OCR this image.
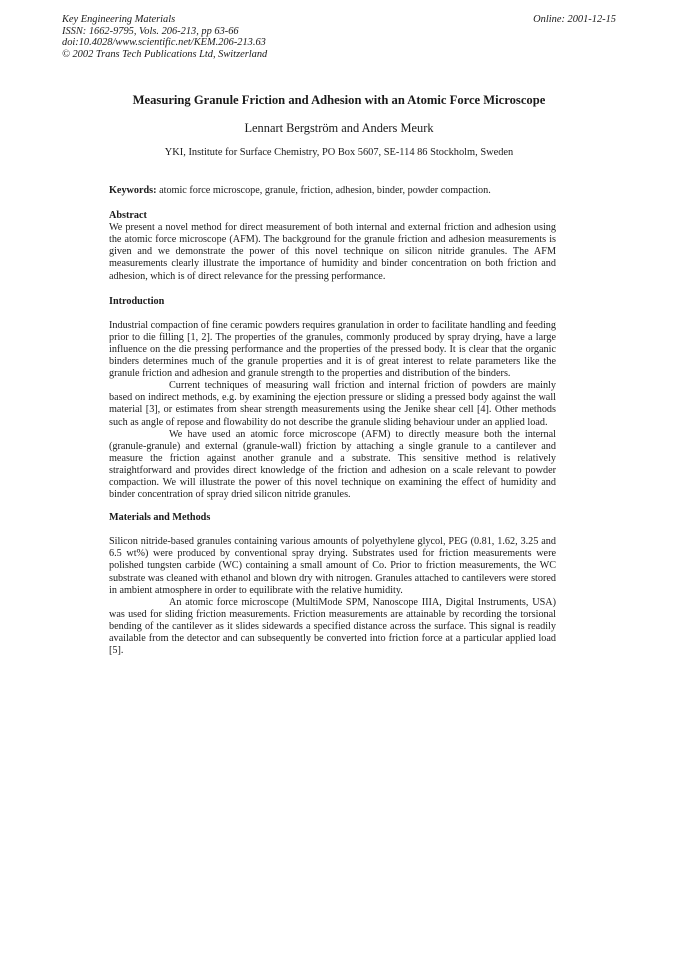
Key Engineering Materials
ISSN: 1662-9795, Vols. 206-213, pp 63-66
doi:10.4028/www.scientific.net/KEM.206-213.63
© 2002 Trans Tech Publications Ltd, Switzerland
Online: 2001-12-15
Measuring Granule Friction and Adhesion with an Atomic Force Microscope
Lennart Bergström and Anders Meurk
YKI, Institute for Surface Chemistry, PO Box 5607, SE-114 86 Stockholm, Sweden

Keywords: atomic force microscope, granule, friction, adhesion, binder, powder compaction.

Abstract

We present a novel method for direct measurement of both internal and external friction and adhesion using the atomic force microscope (AFM). The background for the granule friction and adhesion measurements is given and we demonstrate the power of this novel technique on silicon nitride granules. The AFM measurements clearly illustrate the importance of humidity and binder concentration on both friction and adhesion, which is of direct relevance for the pressing performance.

Introduction

Industrial compaction of fine ceramic powders requires granulation in order to facilitate handling and feeding prior to die filling [1, 2]. The properties of the granules, commonly produced by spray drying, have a large influence on the die pressing performance and the properties of the pressed body. It is clear that the organic binders determines much of the granule properties and it is of great interest to relate parameters like the granule friction and adhesion and granule strength to the properties and distribution of the binders.

Current techniques of measuring wall friction and internal friction of powders are mainly based on indirect methods, e.g. by examining the ejection pressure or sliding a pressed body against the wall material [3], or estimates from shear strength measurements using the Jenike shear cell [4]. Other methods such as angle of repose and flowability do not describe the granule sliding behaviour under an applied load.

We have used an atomic force microscope (AFM) to directly measure both the internal (granule-granule) and external (granule-wall) friction by attaching a single granule to a cantilever and measure the friction against another granule and a substrate. This sensitive method is relatively straightforward and provides direct knowledge of the friction and adhesion on a scale relevant to powder compaction. We will illustrate the power of this novel technique on examining the effect of humidity and binder concentration of spray dried silicon nitride granules.

Materials and Methods

Silicon nitride-based granules containing various amounts of polyethylene glycol, PEG (0.81, 1.62, 3.25 and 6.5 wt%) were produced by conventional spray drying. Substrates used for friction measurements were polished tungsten carbide (WC) containing a small amount of Co. Prior to friction measurements, the WC substrate was cleaned with ethanol and blown dry with nitrogen. Granules attached to cantilevers were stored in ambient atmosphere in order to equilibrate with the relative humidity.

An atomic force microscope (MultiMode SPM, Nanoscope IIIA, Digital Instruments, USA) was used for sliding friction measurements. Friction measurements are attainable by recording the torsional bending of the cantilever as it slides sidewards a specified distance across the surface. This signal is readily available from the detector and can subsequently be converted into friction force at a particular applied load [5].
